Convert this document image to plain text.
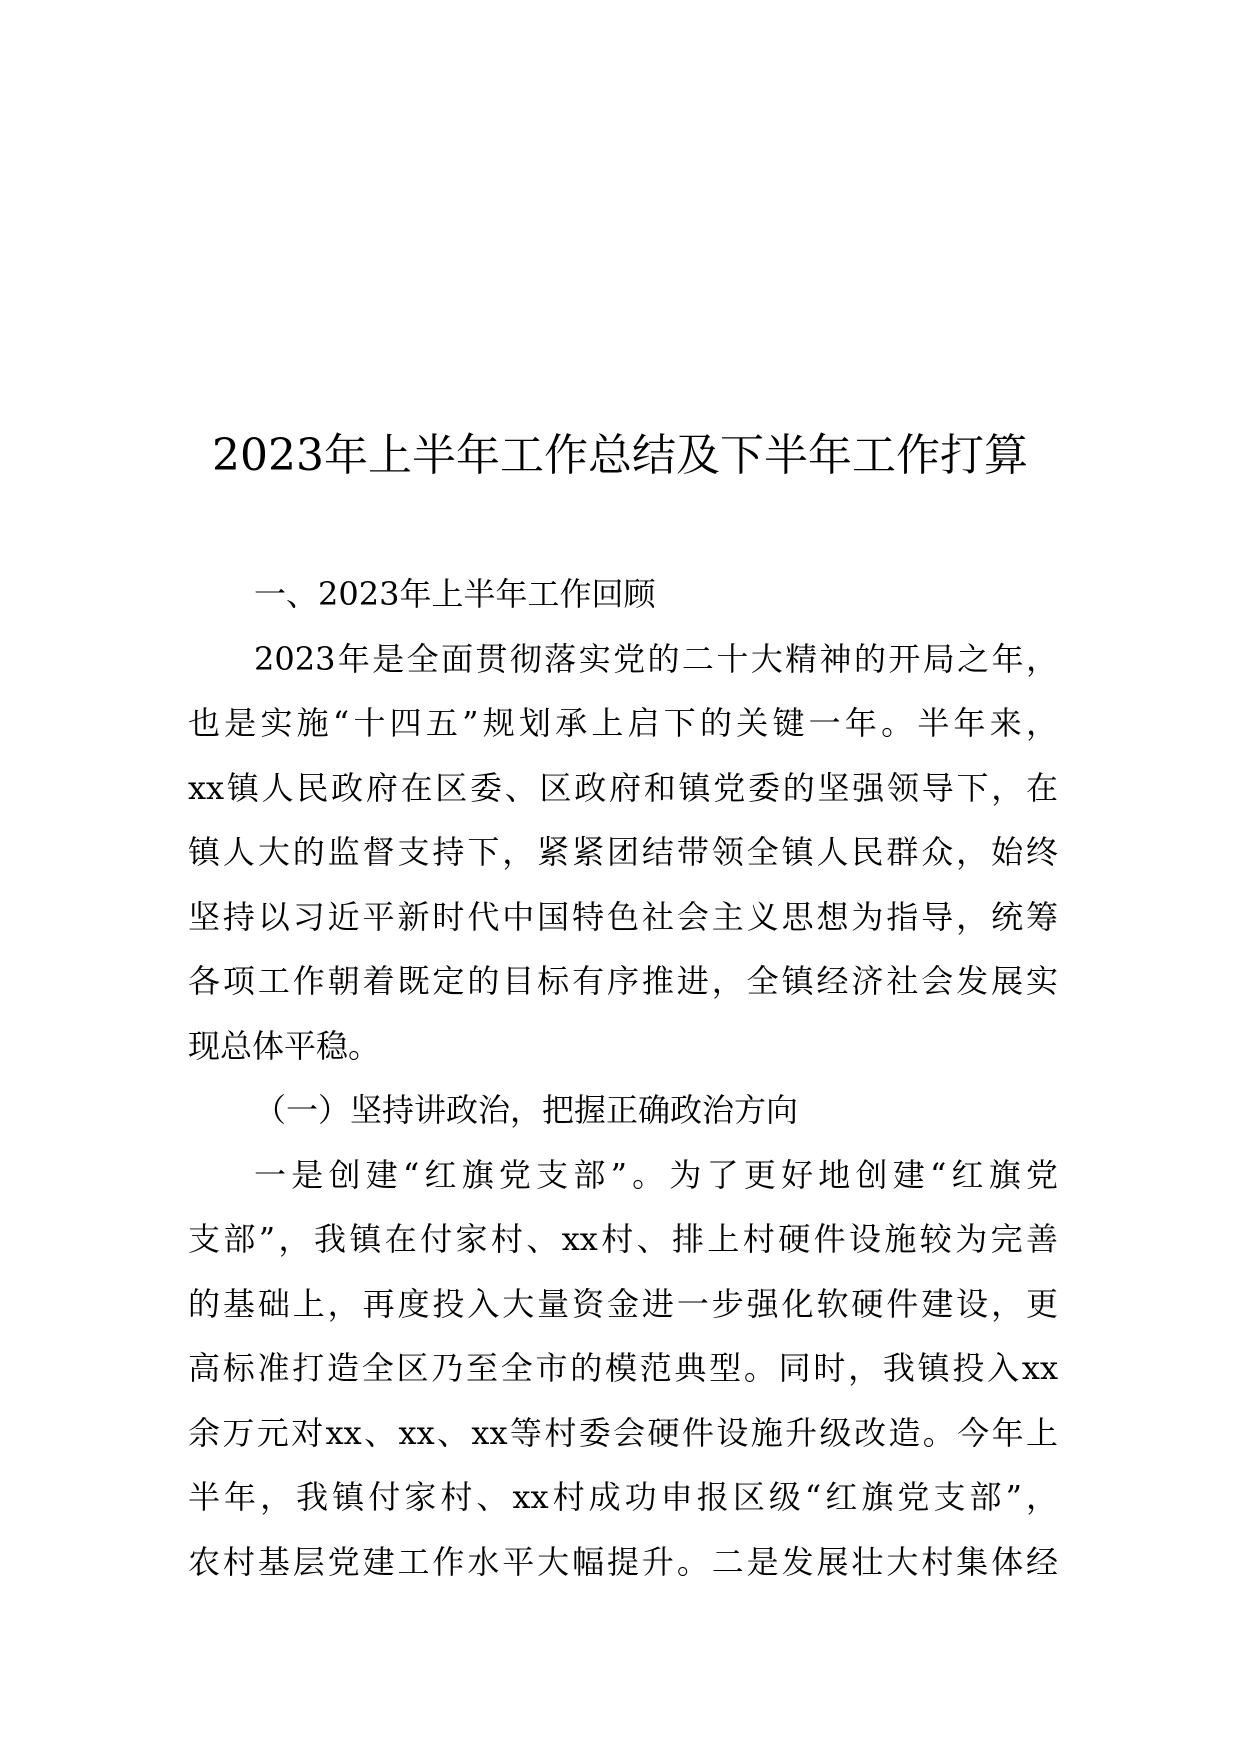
2023年上半年工作总结及下半年工作打算
一、2023年上半年工作回顾
2023年是全面贯彻落实党的二十大精神的开局之年，
也是实施“十四五”规划承上启下的关键一年。半年来，
xx镇人民政府在区委、区政府和镇党委的坚强领导下，在
镇人大的监督支持下，紧紧团结带领全镇人民群众，始终
坚持以习近平新时代中国特色社会主义思想为指导，统筹
各项工作朝着既定的目标有序推进，全镇经济社会发展实
现总体平稳。
（一）坚持讲政治，把握正确政治方向
一是创建“红旗党支部”。为了更好地创建“红旗党
支部”，我镇在付家村、xx村、排上村硬件设施较为完善
的基础上，再度投入大量资金进一步强化软硬件建设，更
高标准打造全区乃至全市的模范典型。同时，我镇投入xx
余万元对xx、xx、xx等村委会硬件设施升级改造。今年上
半年，我镇付家村、xx村成功申报区级“红旗党支部”，
农村基层党建工作水平大幅提升。二是发展壮大村集体经
